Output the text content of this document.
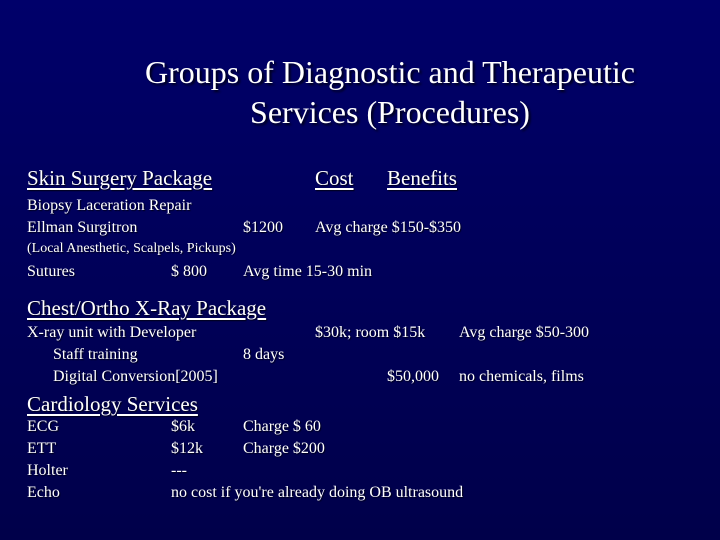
Groups of Diagnostic and Therapeutic
Services (Procedures)
Skin Surgery Package	Cost Benefits
Biopsy Laceration Repair
Ellman Surgitron	$1200 Avg charge $150-$350
(Local Anesthetic, Scalpels, Pickups)
Sutures	$ 800 Avg time 15-30 min
Chest/Ortho X-Ray Package
X-ray unit with Developer	$30k; room $15k Avg charge $50-300
Staff training	8 days
Digital Conversion[2005]	$50,000 no chemicals, films
Cardiology Services
ECG	$6k	Charge $ 60
ETT	$12k	Charge $200
Holter	---
Echo	no cost if you're already doing OB ultrasound
